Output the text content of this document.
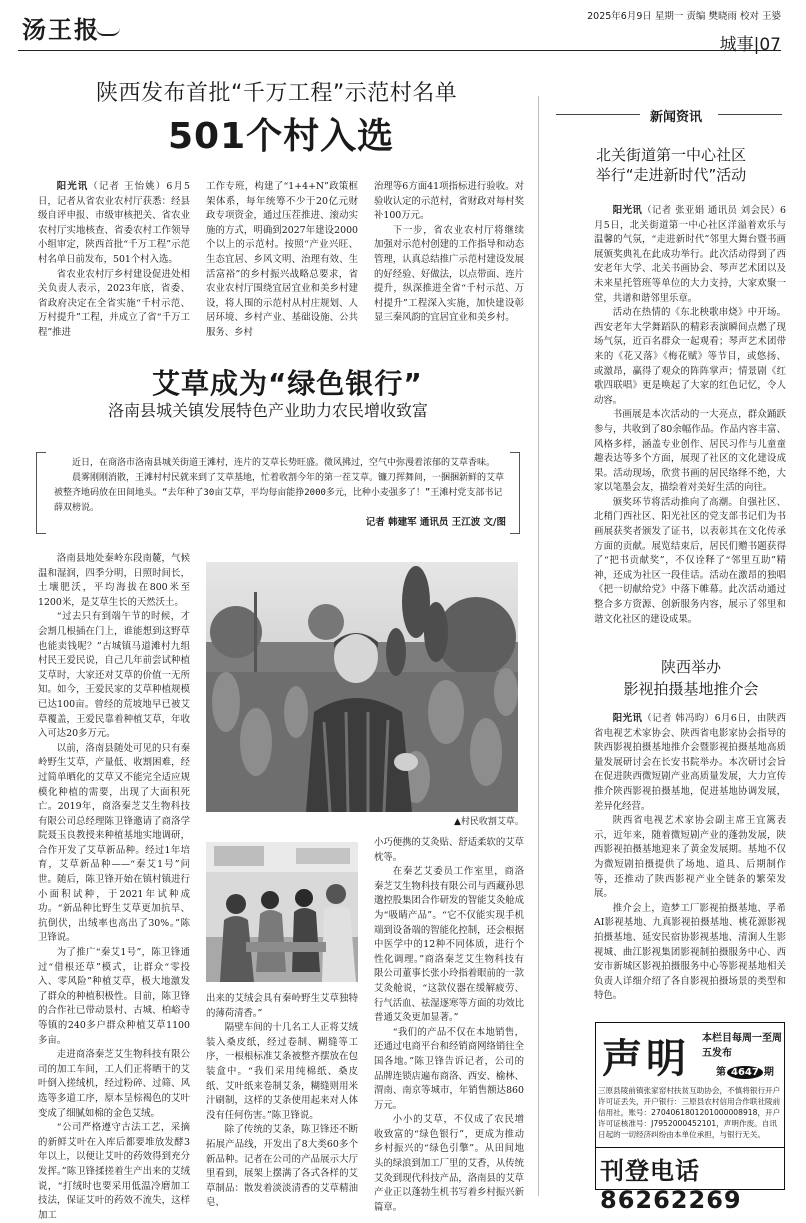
汤王报	2025年6月9日 星期一 责编 樊晓雨 校对 王婆
城事|07
陕西发布首批“千万工程”示范村名单
501个村入选

阳光讯（记者 王怡姚）6月5日，记者从省农业农村厅获悉：经县级自评申报、市级审核把关、省农业农村厅实地核查、省委农村工作领导小组审定，陕西首批“千万工程”示范村名单日前发布，501个村入选。

省农业农村厅乡村建设促进处相关负责人表示，2023年底，省委、省政府决定在全省实施“千村示范、万村提升”工程，并成立了省“千万工程”推进

工作专班，构建了“1+4+N”政策框架体系，每年统筹不少于20亿元财政专项资金，通过压茬推进、滚动实施的方式，明确到2027年建设2000个以上的示范村。按照“产业兴旺、生态宜居、乡风文明、治理有效、生活富裕”的乡村振兴战略总要求，省农业农村厅围绕宜居宜业和美乡村建设，将人围的示范村从村庄规划、人居环境、乡村产业、基础设施、公共服务、乡村

治理等6方面41项指标进行验收。对验收认定的示范村，省财政对每村奖补100万元。

下一步，省农业农村厅将继续加强对示范村创建的工作指导和动态管理，认真总结推广示范村建设发展的好经验、好做法，以点带面、连片提升，纵深推进全省“千村示范、万村提升”工程深入实施，加快建设彰显三秦风韵的宜居宜业和美乡村。

艾草成为“绿色银行”
洛南县城关镇发展特色产业助力农民增收致富

近日，在商洛市洛南县城关街道王滩村，连片的艾草长势旺盛。微风拂过，空气中弥漫着浓郁的艾草香味。

晨雾刚刚消散，王滩村村民就来到了艾草基地，忙着收割今年的第一茬艾草。镰刀挥舞间，一捆捆新鲜的艾草被整齐地码放在田间地头。“去年种了30亩艾草，平均每亩能挣2000多元，比种小麦强多了！”王滩村党支部书记薛双榜说。

记者 韩建军 通讯员 王江波 文/图

洛南县地处秦岭东段南麓，气候温和湿润，四季分明，日照时间长，土壤肥沃，平均海拔在800米至1200米，是艾草生长的天然沃土。

“过去只有到端午节的时候，才会割几根插在门上，谁能想到这野草也能卖钱呢？”古城镇马道滩村九组村民王爱民说，自己几年前尝试种植艾草时，大家还对艾草的价值一无所知。如今，王爱民家的艾草种植规模已达100亩。曾经的荒坡地早已被艾草覆盖，王爱民靠着种植艾草，年收入可达20多万元。

以前，洛南县随处可见的只有秦岭野生艾草，产量低、收割困难，经过简单晒化的艾草又不能完全适应规模化种植的需要，出现了大面积死亡。2019年，商洛秦芝艾生物科技有限公司总经理陈卫锋邀请了商洛学院聂玉良教授来种植基地实地调研，合作开发了艾草新品种。经过1年培育，艾草新品种——“秦艾1号”问世。随后，陈卫锋开始在镇村镇进行小面积试种，于2021年试种成功。“新品种比野生艾草更加抗旱、抗倒伏，出绒率也高出了30%。”陈卫锋说。

为了推广“秦艾1号”，陈卫锋通过“借根还草”模式，让群众“零投入、零风险”种植艾草，极大地激发了群众的种植积极性。目前，陈卫锋的合作社已带动景村、古城、柏峪寺等镇的240多户群众种植艾草1100多亩。

走进商洛秦芝艾生物科技有限公司的加工车间，工人们正将晒干的艾叶倒入搓绒机，经过粉碎、过筛、风选等多道工序，原本呈棕褐色的艾叶变成了细腻如棉的金色艾绒。

“公司严格遵守古法工艺，采摘的新鲜艾叶在入库后都要堆放发酵3年以上，以便让艾叶的药效得到充分发挥。”陈卫锋揉搓着生产出来的艾绒说，“打绒时也要采用低温冷磨加工技法，保证艾叶的药效不流失，这样加工

▲村民收割艾草。

出来的艾绒会具有秦岭野生艾草独特的薄荷清香。”

隔壁车间的十几名工人正将艾绒装入桑皮纸，经过卷制、糊缝等工序，一根根标准艾条被整齐摆放在包装盒中。“我们采用纯棉纸、桑皮纸、艾叶纸来卷制艾条，糊缝则用米汁刷制，这样的艾条使用起来对人体没有任何伤害。”陈卫锋说。

除了传统的艾条，陈卫锋还不断拓展产品线，开发出了8大类60多个新品种。记者在公司的产品展示大厅里看到，展架上摆满了各式各样的艾草制品：散发着淡淡清香的艾草精油皂、

小巧便携的艾灸贴、舒适柔软的艾草枕等。

在秦艺艾委员工作室里，商洛秦芝艾生物科技有限公司与西藏孙思邈控股集团合作研发的智能艾灸舱成为“吸睛产品”。“它不仅能实现手机端到设备端的智能化控制，还会根据中医学中的12种不同体质，进行个性化调理。”商洛秦芝艾生物科技有限公司董事长张小玲指着眼前的一款艾灸舱说，“这款仪器在缓解疲劳、行气活血、祛湿逐寒等方面的功效比普通艾灸更加显著。”

“我们的产品不仅在本地销售，还通过电商平台和经销商网络销往全国各地。”陈卫锋告诉记者，公司的品牌连锁店遍布商洛、西安、榆林、渭南、南京等城市，年销售额达860万元。

小小的艾草，不仅成了农民增收致富的“绿色银行”，更成为推动乡村振兴的“绿色引擎”。从田间地头的绿浪到加工厂里的艾香，从传统艾灸到现代科技产品，洛南县的艾草产业正以蓬勃生机书写着乡村振兴新篇章。

新闻资讯
北关街道第一中心社区
举行“走进新时代”活动

阳光讯（记者 张亚娟 通讯员 刘会民）6月5日，北关街道第一中心社区洋溢着欢乐与温馨的气氛，“走进新时代”邻里大舞台暨书画展颁奖典礼在此成功举行。此次活动得到了西安老年大学、北关书画协会、琴声艺术团以及未来星托管班等单位的大力支持，大家欢聚一堂，共谱和谐邻里乐章。

活动在热情的《东北秧歌串烧》中开场。西安老年大学舞蹈队的精彩表演瞬间点燃了现场气氛，近百名群众一起观看；琴声艺术团带来的《花又落》《梅花赋》等节目，或悠扬、或激昂，赢得了观众的阵阵掌声；情景剧《红歌四联唱》更是唤起了大家的红色记忆，令人动容。

书画展是本次活动的一大亮点，群众踊跃参与，共收到了80余幅作品。作品内容丰富、风格多样，涵盖专业创作、居民习作与儿童童趣表达等多个方面，展现了社区的文化建设成果。活动现场，欣赏书画的居民络绎不绝，大家以笔墨会友，描绘着对美好生活的向往。

颁奖环节将活动推向了高潮。自强社区、北稍门西社区、阳光社区的党支部书记们为书画展获奖者颁发了证书，以表彰其在文化传承方面的贡献。展览结束后，居民们赠书题获得了“把书贡献奖”，不仅诠释了“邻里互助”精神，还成为社区一段佳话。活动在激昂的独唱《把一切献给党》中落下帷幕。此次活动通过整合多方资源、创新服务内容，展示了邻里和谐文化社区的建设成果。

陕西举办
影视拍摄基地推介会

阳光讯（记者 韩冯昀）6月6日，由陕西省电视艺术家协会、陕西省电影家协会指导的陕西影视拍摄基地推介会暨影视拍摄基地高质量发展研讨会在长安书院举办。本次研讨会旨在促进陕西微短剧产业高质量发展，大力宣传推介陕西影视拍摄基地，促进基地协调发展，差异化经营。

陕西省电视艺术家协会副主席王宜篱表示，近年来，随着微短剧产业的蓬勃发展，陕西影视拍摄基地迎来了黄金发展期。基地不仅为微短剧拍摄提供了场地、道具、后期制作等，还推动了陕西影视产业全链条的繁荣发展。

推介会上，造梦工厂影视拍摄基地、孚希AI影视基地、九真影视拍摄基地、桃花源影视拍摄基地、延安民宿协影视基地、清涧人生影视城、曲江影视集团影视制拍摄服务中心、西安市新城区影视拍摄服务中心等影视基地相关负责人详细介绍了各自影视拍摄场景的类型和特色。

声明 本栏目每周一至周五发布
第 4647 期
三原县陵前镇张家窑村扶贫互助协会，不慎将银行开户许可证丢失，开户银行：三原县农村信用合作联社陵前信用社，账号：27040618012010000089​18，开户许可证核准号：J7952000452101，声明作废。自讯日起的一切经济纠纷由本单位承担，与银行无关。
刊登电话86262269
